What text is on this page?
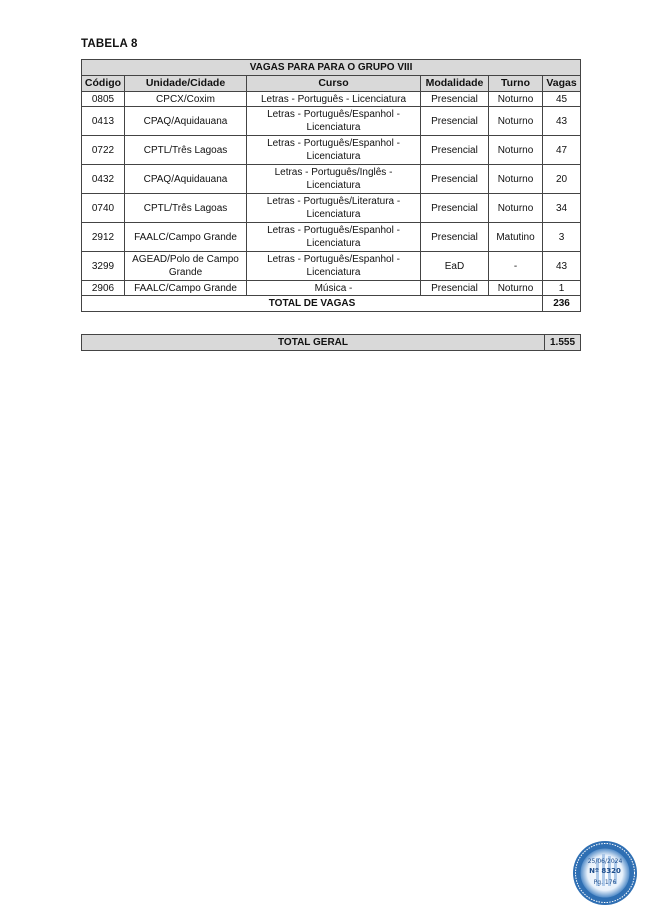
TABELA 8
VAGAS PARA PARA O GRUPO VIII					
Código	Unidade/Cidade	Curso	Modalidade	Turno	Vagas
0805	CPCX/Coxim	Letras - Português - Licenciatura	Presencial	Noturno	45
0413	CPAQ/Aquidauana	Letras - Português/Espanhol - Licenciatura	Presencial	Noturno	43
0722	CPTL/Três Lagoas	Letras - Português/Espanhol - Licenciatura	Presencial	Noturno	47
0432	CPAQ/Aquidauana	Letras - Português/Inglês - Licenciatura	Presencial	Noturno	20
0740	CPTL/Três Lagoas	Letras - Português/Literatura - Licenciatura	Presencial	Noturno	34
2912	FAALC/Campo Grande	Letras - Português/Espanhol - Licenciatura	Presencial	Matutino	3
3299	AGEAD/Polo de Campo Grande	Letras - Português/Espanhol - Licenciatura	EaD	-	43
2906	FAALC/Campo Grande	Música -	Presencial	Noturno	1
TOTAL DE VAGAS					236
TOTAL GERAL	1.555
25/06/2024
Nº 8320
Pg. 176
